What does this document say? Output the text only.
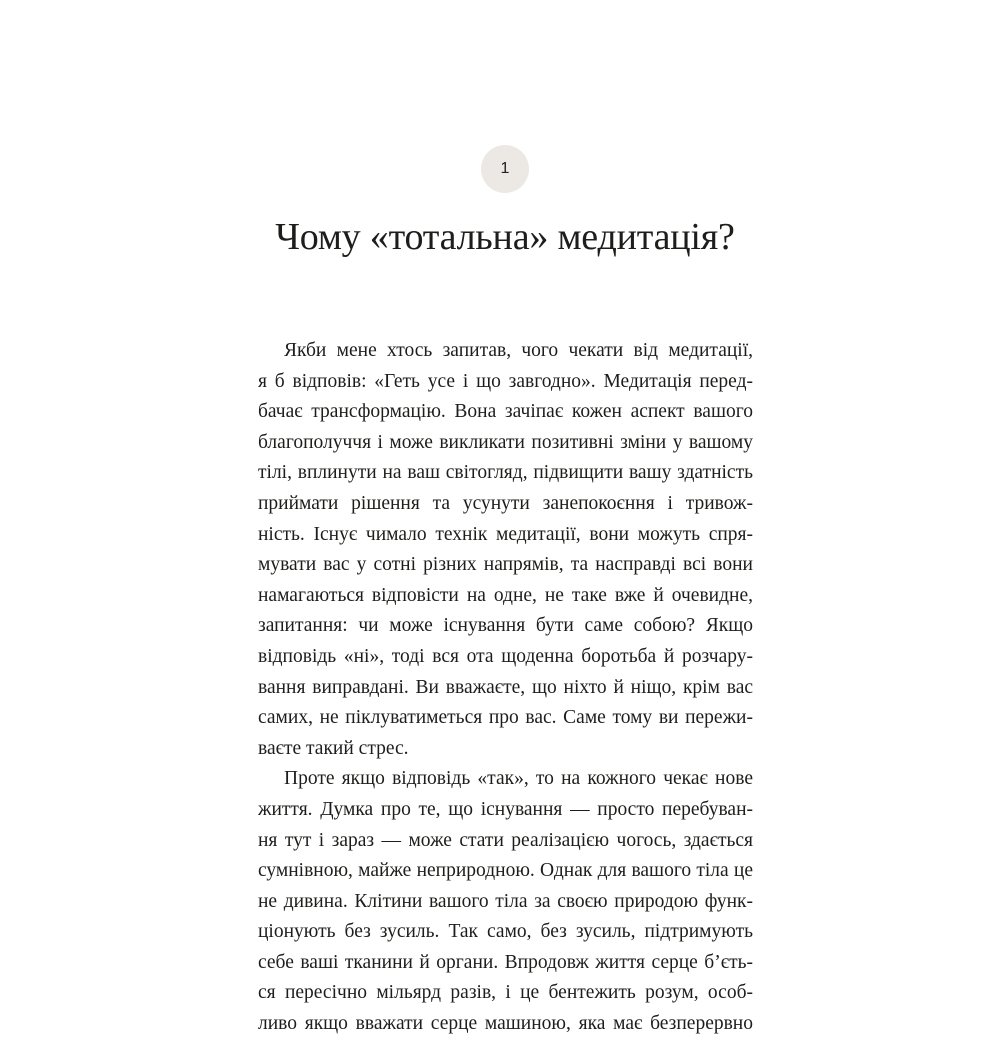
1
Чому «тотальна» медитація?
Якби мене хтось запитав, чого чекати від медитації,
я б відповів: «Геть усе і що завгодно». Медитація перед-
бачає трансформацію. Вона зачіпає кожен аспект вашого
благополуччя і може викликати позитивні зміни у вашому
тілі, вплинути на ваш світогляд, підвищити вашу здатність
приймати рішення та усунути занепокоєння і тривож-
ність. Існує чимало технік медитації, вони можуть спря-
мувати вас у сотні різних напрямів, та насправді всі вони
намагаються відповісти на одне, не таке вже й очевидне,
запитання: чи може існування бути саме собою? Якщо
відповідь «ні», тоді вся ота щоденна боротьба й розчару-
вання виправдані. Ви вважаєте, що ніхто й ніщо, крім вас
самих, не піклуватиметься про вас. Саме тому ви пережи-
ваєте такий стрес.
Проте якщо відповідь «так», то на кожного чекає нове
життя. Думка про те, що існування — просто перебуван-
ня тут і зараз — може стати реалізацією чогось, здається
сумнівною, майже неприродною. Однак для вашого тіла це
не дивина. Клітини вашого тіла за своєю природою функ-
ціонують без зусиль. Так само, без зусиль, підтримують
себе ваші тканини й органи. Впродовж життя серце б’єть-
ся пересічно мільярд разів, і це бентежить розум, особ-
ливо якщо вважати серце машиною, яка має безперервно
